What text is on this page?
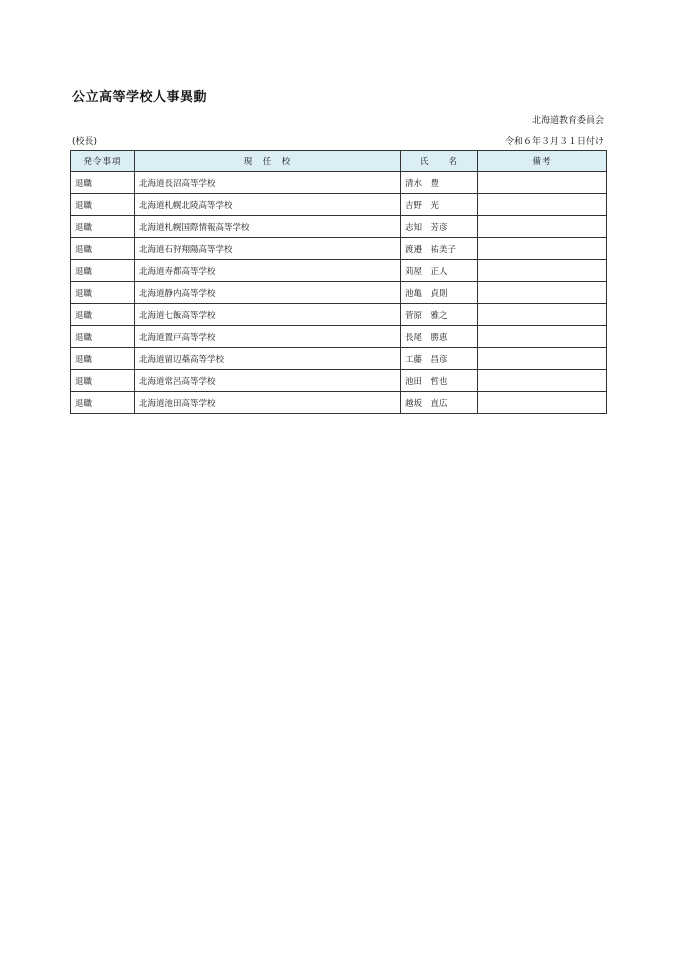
公立高等学校人事異動
北海道教育委員会
(校長)	令和６年３月３１日付け
発令事項	現　任　校	氏　　名	備考
退職	北海道長沼高等学校	清水　豊	
退職	北海道札幌北陵高等学校	吉野　光	
退職	北海道札幌国際情報高等学校	志知　芳彦	
退職	北海道石狩翔陽高等学校	渡邉　祐美子	
退職	北海道寿都高等学校	苅屋　正人	
退職	北海道静内高等学校	池亀　貞則	
退職	北海道七飯高等学校	菅原　雅之	
退職	北海道置戸高等学校	長尾　勝恵	
退職	北海道留辺蘂高等学校	工藤　昌彦	
退職	北海道常呂高等学校	池田　哲也	
退職	北海道池田高等学校	越坂　直広	
